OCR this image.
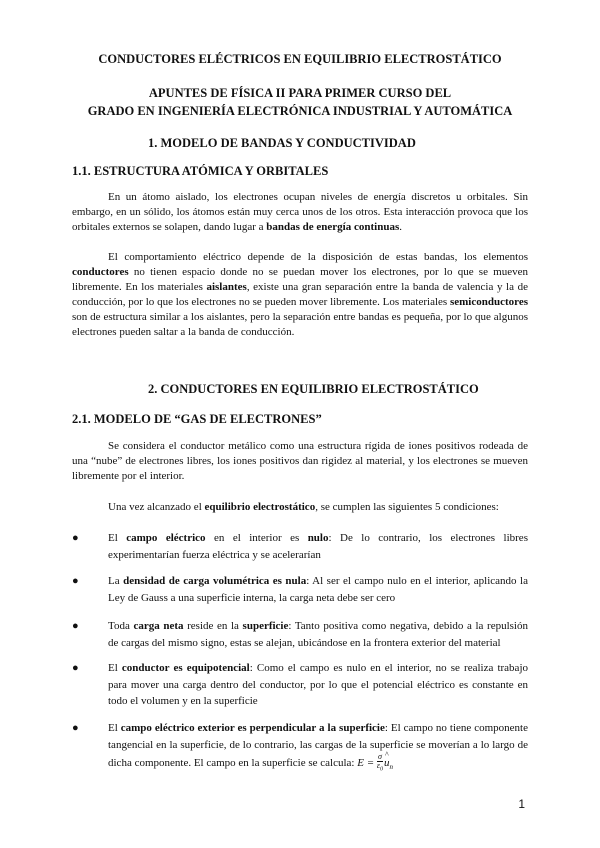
CONDUCTORES ELÉCTRICOS EN EQUILIBRIO ELECTROSTÁTICO
APUNTES DE FÍSICA II PARA PRIMER CURSO DEL
GRADO EN INGENIERÍA ELECTRÓNICA INDUSTRIAL Y AUTOMÁTICA
1. MODELO DE BANDAS Y CONDUCTIVIDAD
1.1. ESTRUCTURA ATÓMICA Y ORBITALES

En un átomo aislado, los electrones ocupan niveles de energía discretos u orbitales. Sin embargo, en un sólido, los átomos están muy cerca unos de los otros. Esta interacción provoca que los orbitales externos se solapen, dando lugar a bandas de energía continuas.

El comportamiento eléctrico depende de la disposición de estas bandas, los elementos conductores no tienen espacio donde no se puedan mover los electrones, por lo que se mueven libremente. En los materiales aislantes, existe una gran separación entre la banda de valencia y la de conducción, por lo que los electrones no se pueden mover libremente. Los materiales semiconductores son de estructura similar a los aislantes, pero la separación entre bandas es pequeña, por lo que algunos electrones pueden saltar a la banda de conducción.

2. CONDUCTORES EN EQUILIBRIO ELECTROSTÁTICO
2.1. MODELO DE “GAS DE ELECTRONES”

Se considera el conductor metálico como una estructura rígida de iones positivos rodeada de una “nube” de electrones libres, los iones positivos dan rigidez al material, y los electrones se mueven libremente por el interior.

Una vez alcanzado el equilibrio electrostático, se cumplen las siguientes 5 condiciones:

●	El campo eléctrico en el interior es nulo: De lo contrario, los electrones libres experimentarían fuerza eléctrica y se acelerarían

●	La densidad de carga volumétrica es nula: Al ser el campo nulo en el interior, aplicando la Ley de Gauss a una superficie interna, la carga neta debe ser cero

●	Toda carga neta reside en la superficie: Tanto positiva como negativa, debido a la repulsión de cargas del mismo signo, estas se alejan, ubicándose en la frontera exterior del material

●	El conductor es equipotencial: Como el campo es nulo en el interior, no se realiza trabajo para mover una carga dentro del conductor, por lo que el potencial eléctrico es constante en todo el volumen y en la superficie

●	El campo eléctrico exterior es perpendicular a la superficie: El campo no tiene componente tangencial en la superficie, de lo contrario, las cargas de la superficie se moverían a lo largo de dicha componente. El campo en la superficie se calcula: $E = \frac{\sigma}{\varepsilon_0}$ ^
$u_n$

1
